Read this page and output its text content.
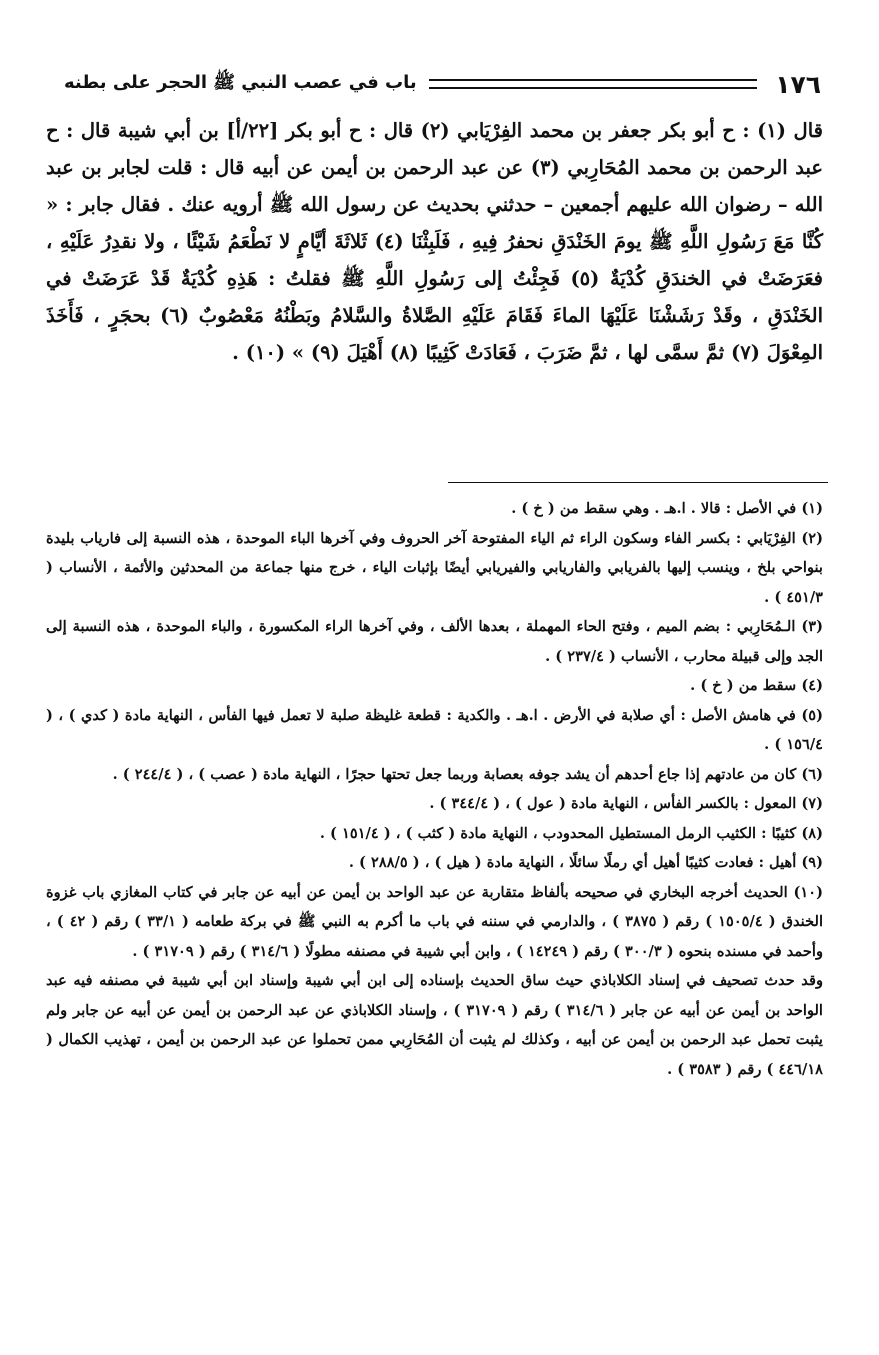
١٧٦
باب في عصب النبي ﷺ الحجر على بطنه

قال (١) : ح أبو بكر جعفر بن محمد الفِرْيَابي (٢) قال : ح أبو بكر [٢٢/أ] بن أبي شيبة قال : ح عبد الرحمن بن محمد المُحَارِبي (٣) عن عبد الرحمن بن أيمن عن أبيه قال : قلت لجابر بن عبد الله – رضوان الله عليهم أجمعين – حدثني بحديث عن رسول الله ﷺ أرويه عنك . فقال جابر : « كُنَّا مَعَ رَسُولِ اللَّهِ ﷺ يومَ الخَنْدَقِ نحفرُ فِيهِ ، فَلَبِثْنَا (٤) ثَلاثَةَ أيَّامٍ لا نَطْعَمُ شَيْئًا ، ولا نقدِرُ عَلَيْهِ ، فعَرَضَتْ في الخندَقِ كُدْيَةٌ (٥) فَجِئْتُ إلى رَسُولِ اللَّهِ ﷺ فقلتُ : هَذِهِ كُدْيَةٌ قَدْ عَرَضَتْ في الخَنْدَقِ ، وقَدْ رَشَشْنَا عَلَيْهَا الماءَ فَقَامَ عَلَيْهِ الصَّلاةُ والسَّلامُ وبَطْنُهُ مَعْصُوبٌ (٦) بحجَرٍ ، فَأَخَذَ المِعْوَلَ (٧) ثمَّ سمَّى لها ، ثمَّ ضَرَبَ ، فَعَادَتْ كَثِيبًا (٨) أَهْيَلَ (٩) » (١٠) .

(١) في الأصل : قالا . ا.هـ . وهي سقط من ( خ ) .

(٢) الفِرْيَابي : بكسر الفاء وسكون الراء ثم الياء المفتوحة آخر الحروف وفي آخرها الباء الموحدة ، هذه النسبة إلى فارياب بليدة بنواحي بلخ ، وينسب إليها بالفريابي والفاريابي والفيريابي أيضًا بإثبات الياء ، خرج منها جماعة من المحدثين والأئمة ، الأنساب ( ٤٥١/٣ ) .

(٣) الـمُحَارِبي : بضم الميم ، وفتح الحاء المهملة ، بعدها الألف ، وفي آخرها الراء المكسورة ، والباء الموحدة ، هذه النسبة إلى الجد وإلى قبيلة محارب ، الأنساب ( ٢٣٧/٤ ) .

(٤) سقط من ( خ ) .

(٥) في هامش الأصل : أي صلابة في الأرض . ا.هـ . والكدية : قطعة غليظة صلبة لا تعمل فيها الفأس ، النهاية مادة ( كدي ) ، ( ١٥٦/٤ ) .

(٦) كان من عادتهم إذا جاع أحدهم أن يشد جوفه بعصابة وربما جعل تحتها حجرًا ، النهاية مادة ( عصب ) ، ( ٢٤٤/٤ ) .

(٧) المعول : بالكسر الفأس ، النهاية مادة ( عول ) ، ( ٣٤٤/٤ ) .

(٨) كثيبًا : الكثيب الرمل المستطيل المحدودب ، النهاية مادة ( كثب ) ، ( ١٥١/٤ ) .

(٩) أهيل : فعادت كثيبًا أهيل أي رملًا سائلًا ، النهاية مادة ( هيل ) ، ( ٢٨٨/٥ ) .

(١٠) الحديث أخرجه البخاري في صحيحه بألفاظ متقاربة عن عبد الواحد بن أيمن عن أبيه عن جابر في كتاب المغازي باب غزوة الخندق ( ١٥٠٥/٤ ) رقم ( ٣٨٧٥ ) ، والدارمي في سننه في باب ما أكرم به النبي ﷺ في بركة طعامه ( ٣٣/١ ) رقم ( ٤٢ ) ، وأحمد في مسنده بنحوه ( ٣٠٠/٣ ) رقم ( ١٤٢٤٩ ) ، وابن أبي شيبة في مصنفه مطولًا ( ٣١٤/٦ ) رقم ( ٣١٧٠٩ ) .

وقد حدث تصحيف في إسناد الكلاباذي حيث ساق الحديث بإسناده إلى ابن أبي شيبة وإسناد ابن أبي شيبة في مصنفه فيه عبد الواحد بن أيمن عن أبيه عن جابر ( ٣١٤/٦ ) رقم ( ٣١٧٠٩ ) ، وإسناد الكلاباذي عن عبد الرحمن بن أيمن عن أبيه عن جابر ولم يثبت تحمل عبد الرحمن بن أيمن عن أبيه ، وكذلك لم يثبت أن المُحَارِبي ممن تحملوا عن عبد الرحمن بن أيمن ، تهذيب الكمال ( ٤٤٦/١٨ ) رقم ( ٣٥٨٣ ) .
